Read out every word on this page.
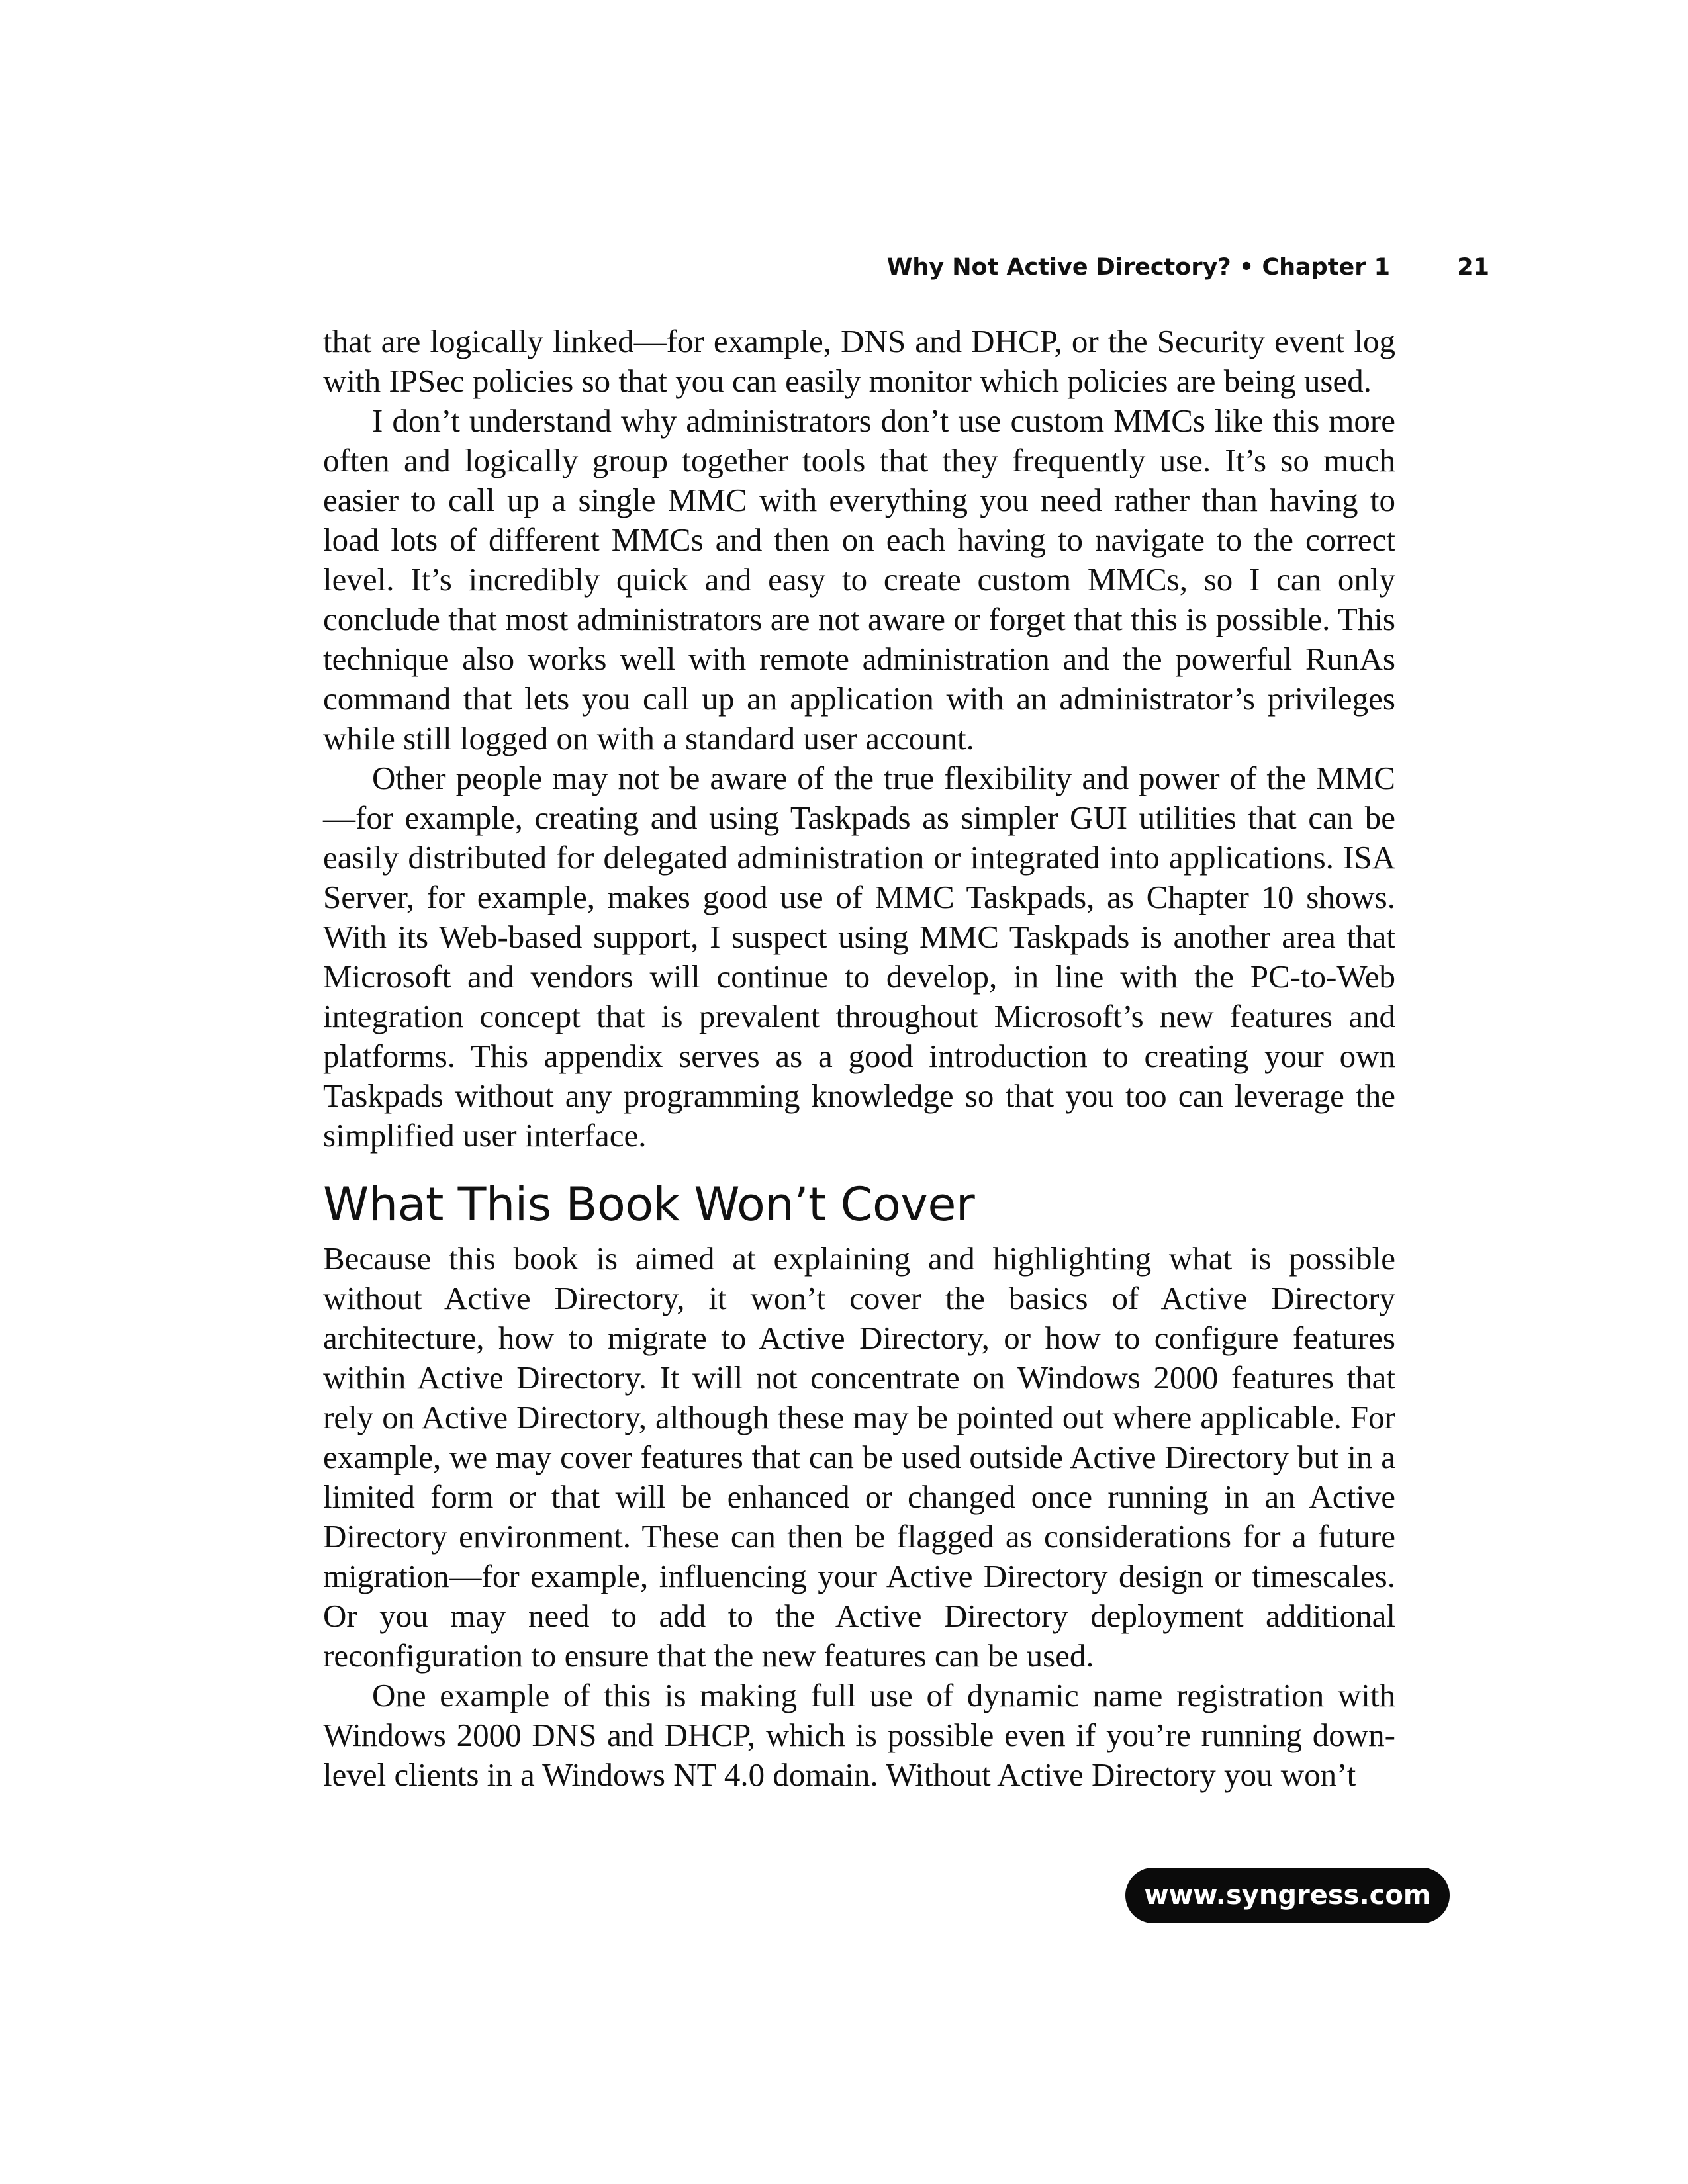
Why Not Active Directory? • Chapter 1	21

that are logically linked—for example, DNS and DHCP, or the Security event log with IPSec policies so that you can easily monitor which policies are being used.

I don’t understand why administrators don’t use custom MMCs like this more often and logically group together tools that they frequently use. It’s so much easier to call up a single MMC with everything you need rather than having to load lots of different MMCs and then on each having to navigate to the correct level. It’s incredibly quick and easy to create custom MMCs, so I can only conclude that most administrators are not aware or forget that this is possible. This technique also works well with remote administration and the powerful RunAs command that lets you call up an application with an administrator’s privileges while still logged on with a standard user account.

Other people may not be aware of the true flexibility and power of the MMC—for example, creating and using Taskpads as simpler GUI utilities that can be easily distributed for delegated administration or integrated into applications. ISA Server, for example, makes good use of MMC Taskpads, as Chapter 10 shows. With its Web-based support, I suspect using MMC Taskpads is another area that Microsoft and vendors will continue to develop, in line with the PC-to-Web integration concept that is prevalent throughout Microsoft’s new features and platforms. This appendix serves as a good introduction to creating your own Taskpads without any programming knowledge so that you too can leverage the simplified user interface.

What This Book Won’t Cover

Because this book is aimed at explaining and highlighting what is possible without Active Directory, it won’t cover the basics of Active Directory architecture, how to migrate to Active Directory, or how to configure features within Active Directory. It will not concentrate on Windows 2000 features that rely on Active Directory, although these may be pointed out where applicable. For example, we may cover features that can be used outside Active Directory but in a limited form or that will be enhanced or changed once running in an Active Directory environment. These can then be flagged as considerations for a future migration—for example, influencing your Active Directory design or timescales. Or you may need to add to the Active Directory deployment additional reconfiguration to ensure that the new features can be used.

One example of this is making full use of dynamic name registration with Windows 2000 DNS and DHCP, which is possible even if you’re running down-level clients in a Windows NT 4.0 domain. Without Active Directory you won’t

www.syngress.com
